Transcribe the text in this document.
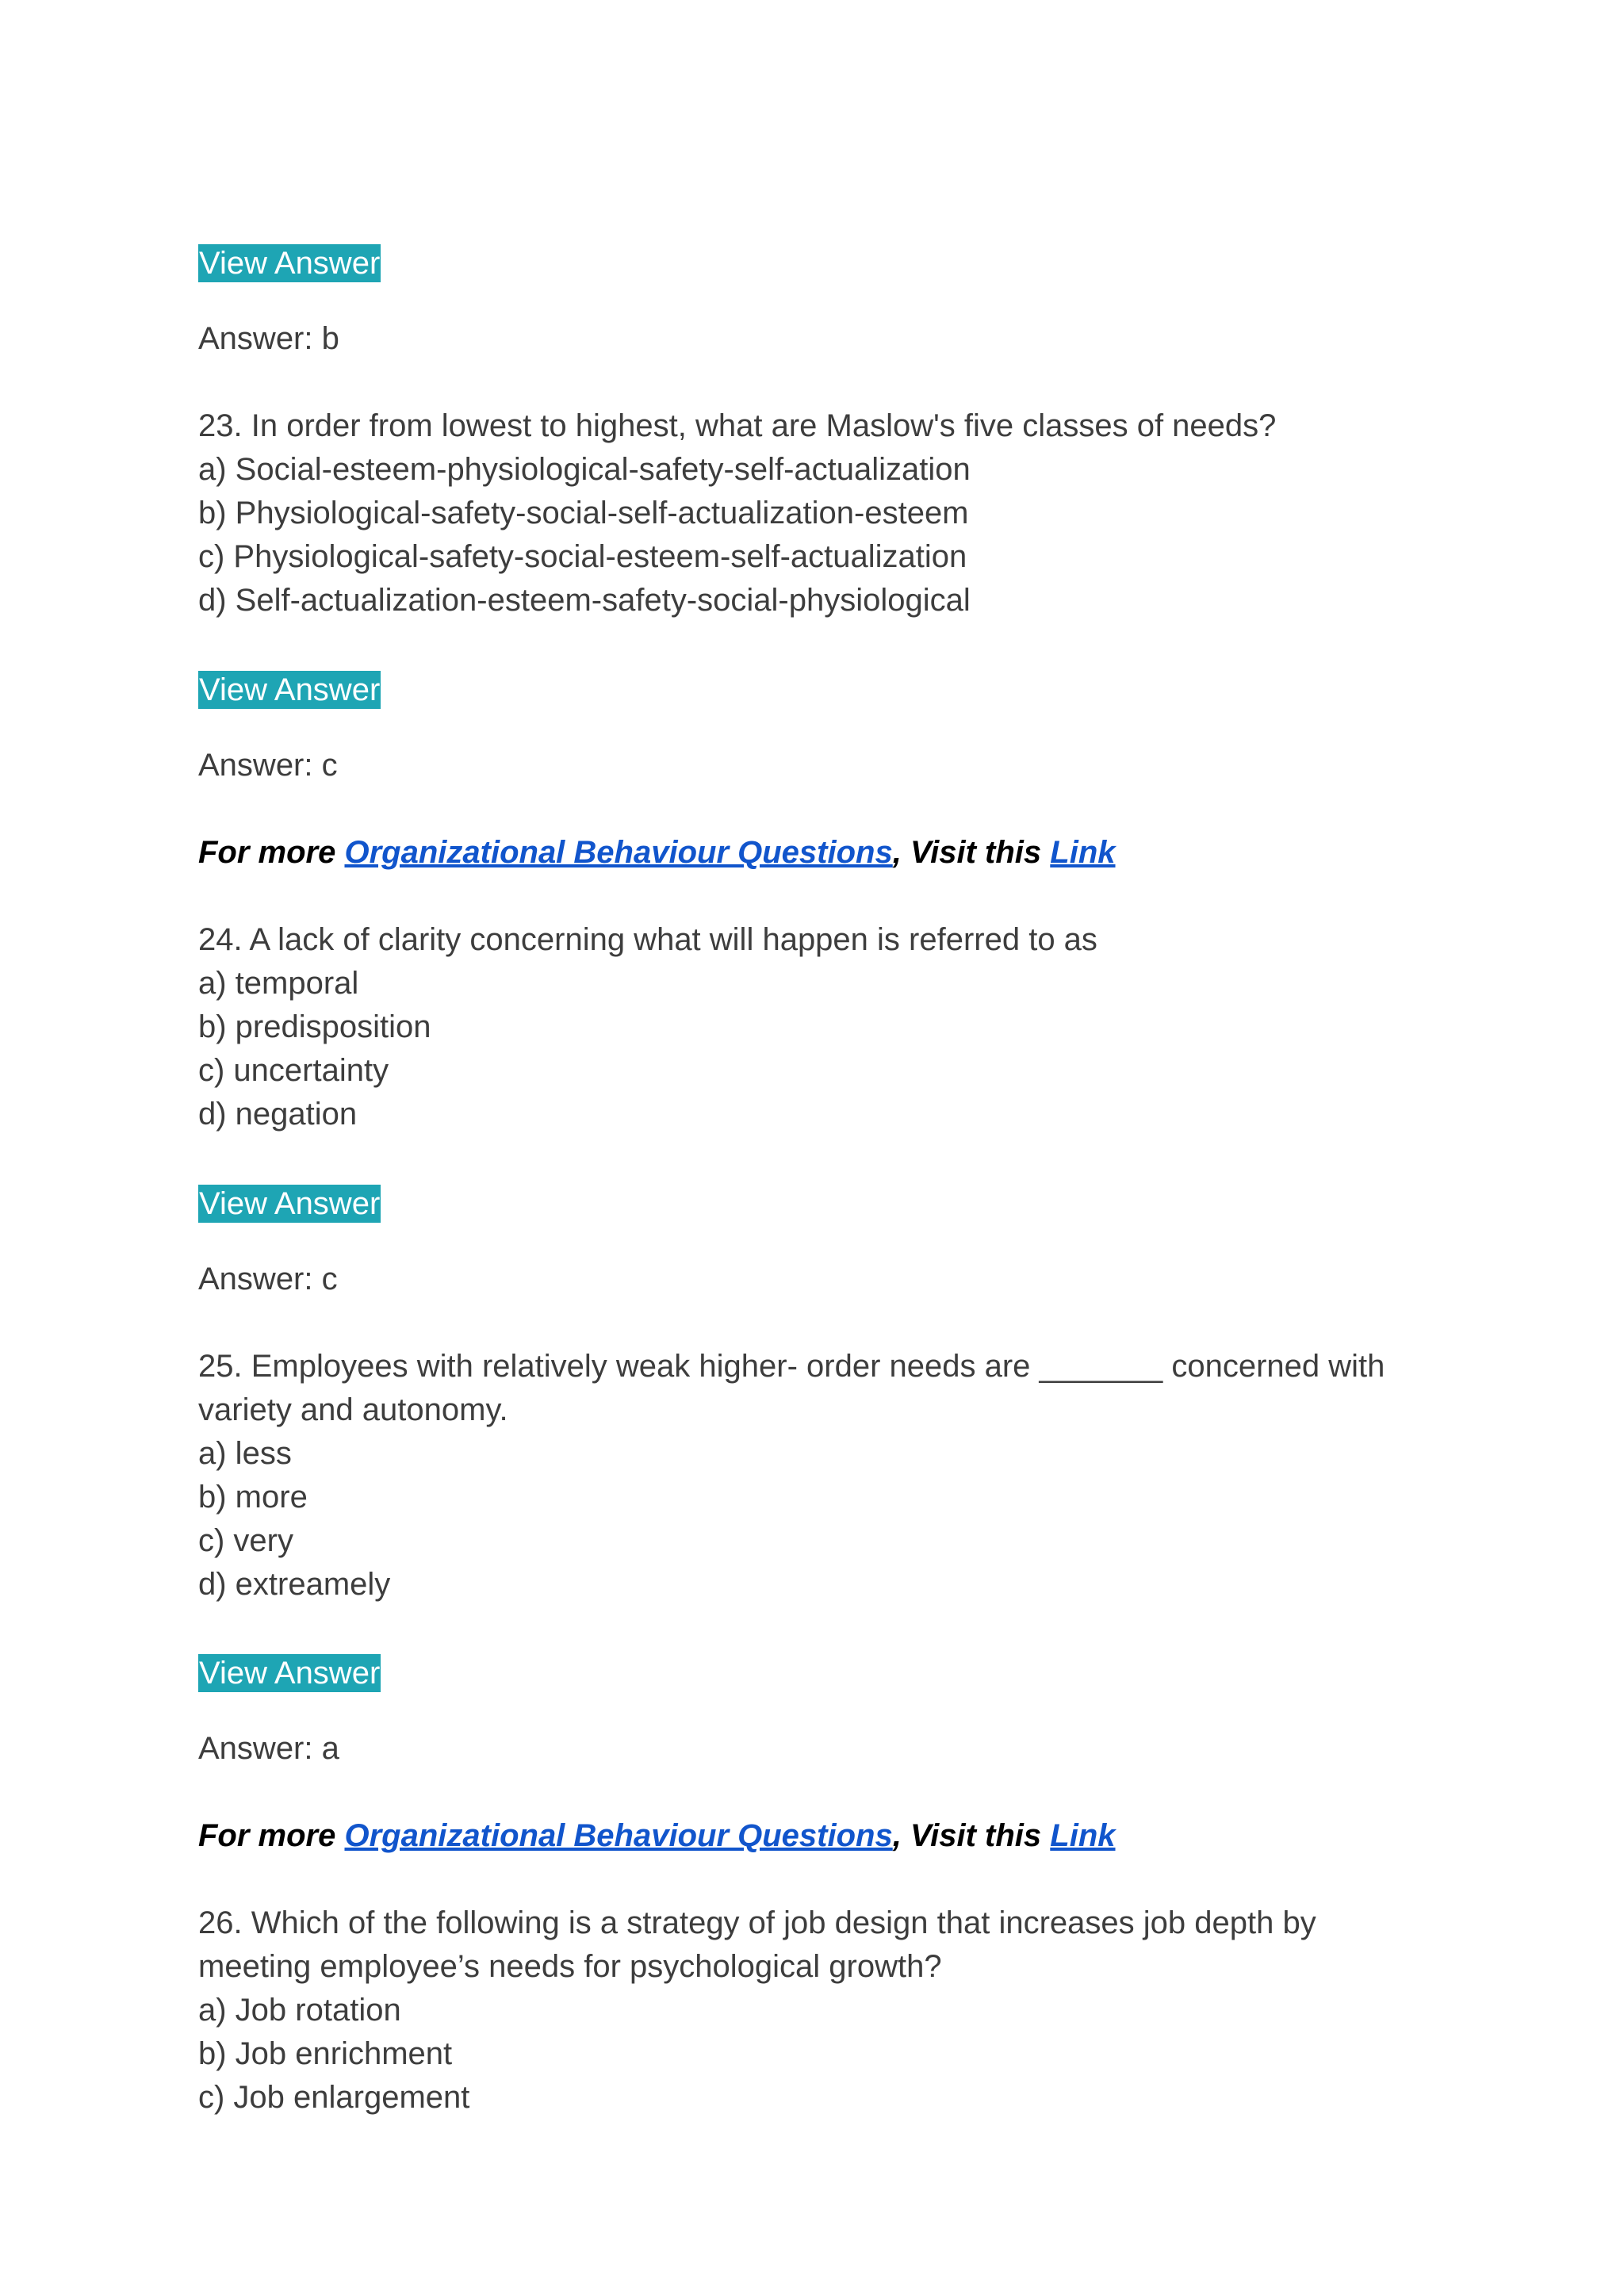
View Answer
Answer: b
23. In order from lowest to highest, what are Maslow's five classes of needs?
a) Social-esteem-physiological-safety-self-actualization
b) Physiological-safety-social-self-actualization-esteem
c) Physiological-safety-social-esteem-self-actualization
d) Self-actualization-esteem-safety-social-physiological
View Answer
Answer: c
For more Organizational Behaviour Questions, Visit this Link
24. A lack of clarity concerning what will happen is referred to as
a) temporal
b) predisposition
c) uncertainty
d) negation
View Answer
Answer: c
25. Employees with relatively weak higher- order needs are _______ concerned with
variety and autonomy.
a) less
b) more
c) very
d) extreamely
View Answer
Answer: a
For more Organizational Behaviour Questions, Visit this Link
26. Which of the following is a strategy of job design that increases job depth by
meeting employee’s needs for psychological growth?
a) Job rotation
b) Job enrichment
c) Job enlargement
